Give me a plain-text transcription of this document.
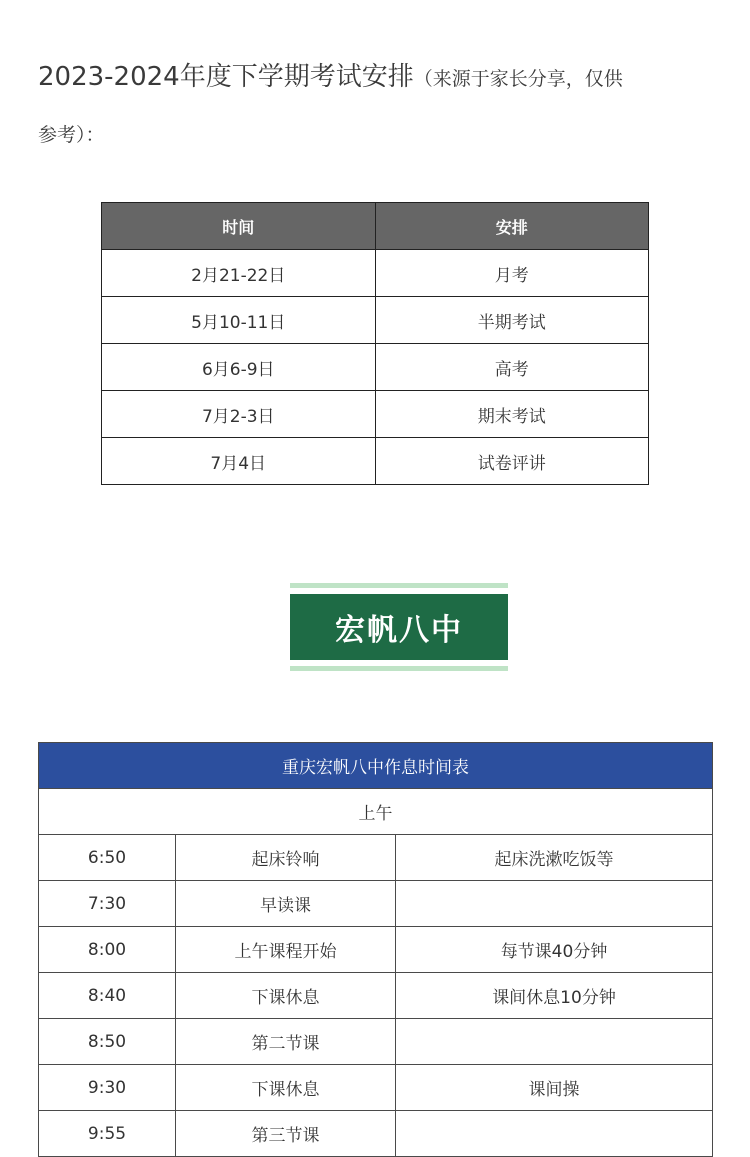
2023-2024年度下学期考试安排（来源于家长分享，仅供
参考）：
时间	安排
2月21-22日	月考
5月10-11日	半期考试
6月6-9日	高考
7月2-3日	期末考试
7月4日	试卷评讲
宏帆八中
重庆宏帆八中作息时间表		
上午		
6:50	起床铃响	起床洗漱吃饭等
7:30	早读课	
8:00	上午课程开始	每节课40分钟
8:40	下课休息	课间休息10分钟
8:50	第二节课	
9:30	下课休息	课间操
9:55	第三节课	
